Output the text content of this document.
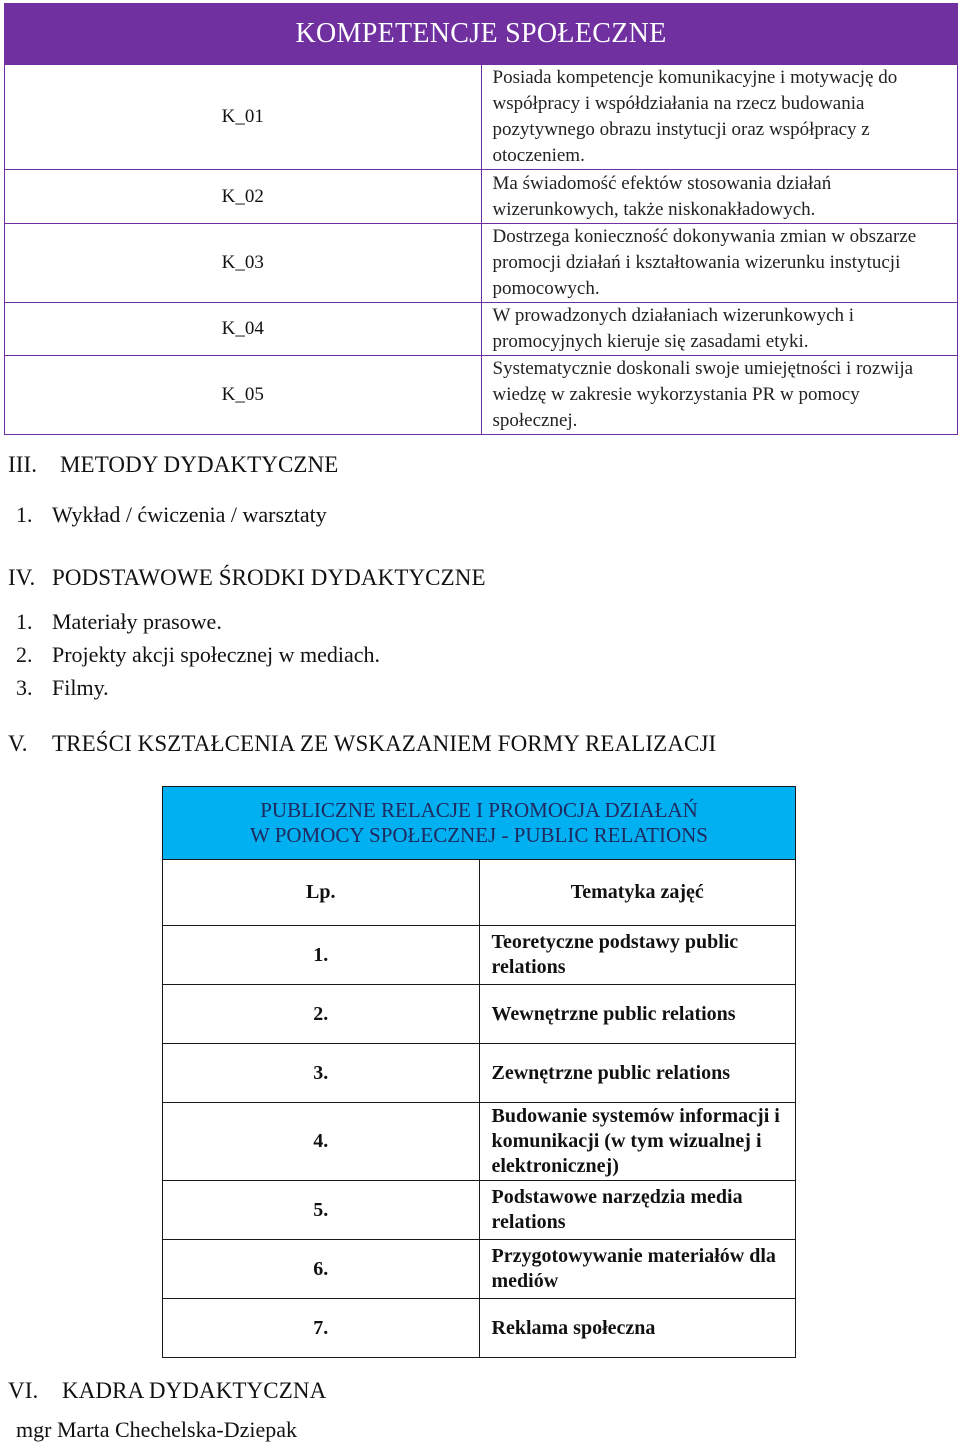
KOMPETENCJE SPOŁECZNE	
K_01	Posiada kompetencje komunikacyjne i motywację do współpracy i współdziałania na rzecz budowania pozytywnego obrazu instytucji oraz współpracy z otoczeniem.
K_02	Ma świadomość efektów stosowania działań wizerunkowych, także niskonakładowych.
K_03	Dostrzega konieczność dokonywania zmian w obszarze promocji działań i kształtowania wizerunku instytucji pomocowych.
K_04	W prowadzonych działaniach wizerunkowych i promocyjnych kieruje się zasadami etyki.
K_05	Systematycznie doskonali swoje umiejętności i rozwija wiedzę w zakresie wykorzystania PR w pomocy społecznej.
III. METODY DYDAKTYCZNE
1. Wykład / ćwiczenia / warsztaty
IV. PODSTAWOWE ŚRODKI DYDAKTYCZNE
1. Materiały prasowe.
2. Projekty akcji społecznej w mediach.
3. Filmy.
V. TREŚCI KSZTAŁCENIA ZE WSKAZANIEM FORMY REALIZACJI
PUBLICZNE RELACJE I PROMOCJA DZIAŁAŃ
W POMOCY SPOŁECZNEJ - PUBLIC RELATIONS	

Lp.	Tematyka zajęć
1.	Teoretyczne podstawy public relations
2.	Wewnętrzne public relations
3.	Zewnętrzne public relations
4.	Budowanie systemów informacji i komunikacji (w tym wizualnej i elektronicznej)
5.	Podstawowe narzędzia media relations
6.	Przygotowywanie materiałów dla mediów
7.	Reklama społeczna
VI. KADRA DYDAKTYCZNA
mgr Marta Chechelska-Dziepak
